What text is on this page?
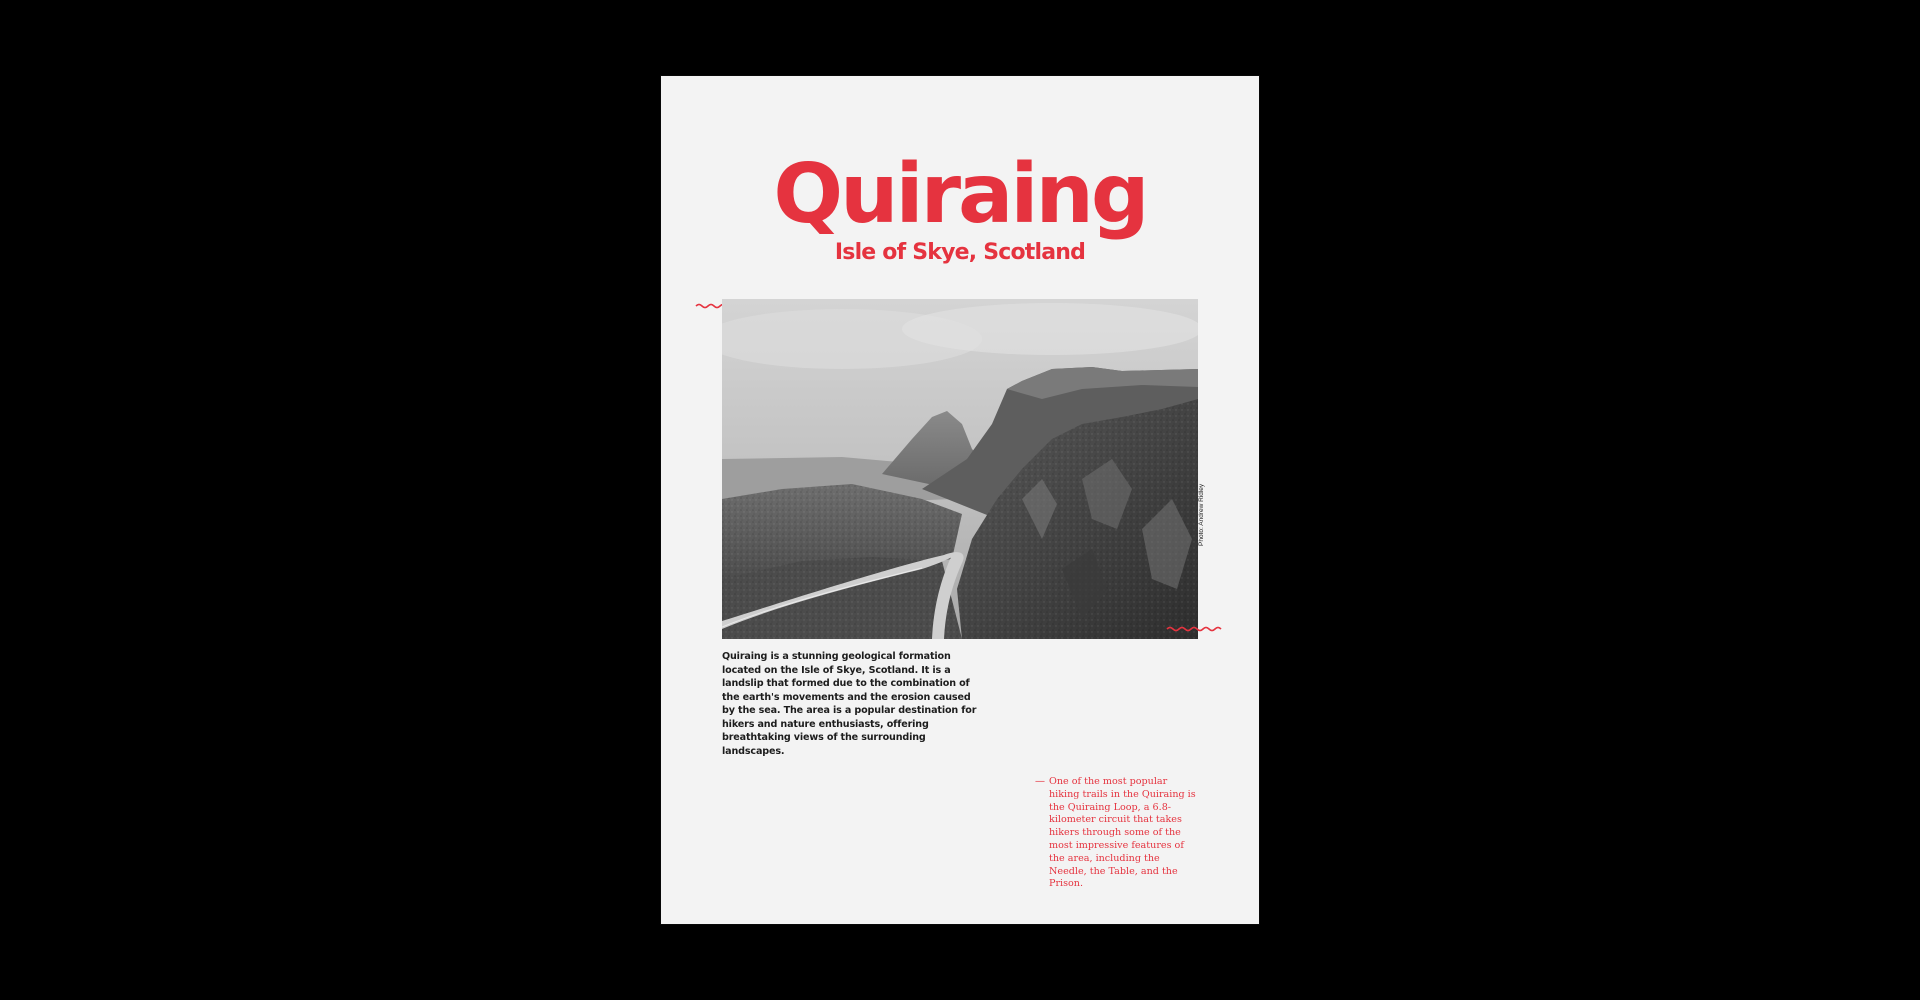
Quiraing
Isle of Skye, Scotland
Photo: Andrew Ridley

Quiraing is a stunning geological formation located on the Isle of Skye, Scotland. It is a landslip that formed due to the combination of the earth's movements and the erosion caused by the sea. The area is a popular destination for hikers and nature enthusiasts, offering breathtaking views of the surrounding landscapes.

— One of the most popular hiking trails in the Quiraing is the Quiraing Loop, a 6.8-kilometer circuit that takes hikers through some of the most impressive features of the area, including the Needle, the Table, and the Prison.
